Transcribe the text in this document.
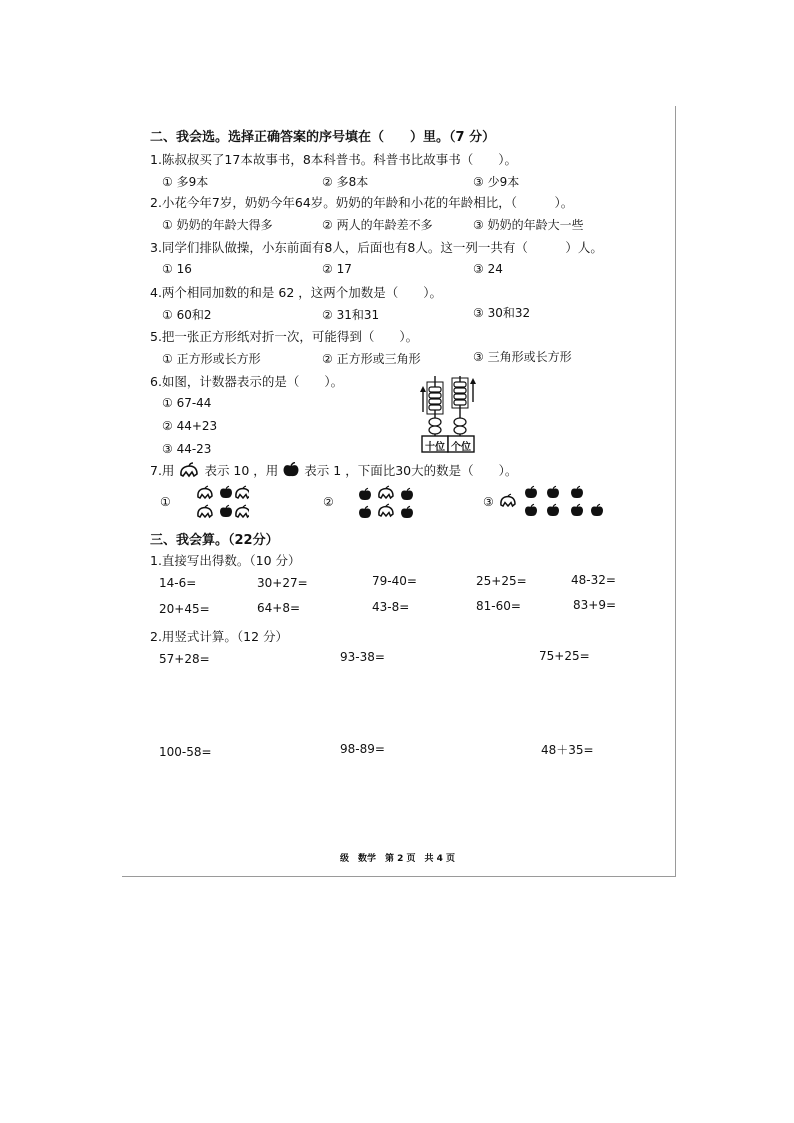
二、我会选。选择正确答案的序号填在（　　）里。（7 分）
1.陈叔叔买了17本故事书，8本科普书。科普书比故事书（　　）。
① 多9本	② 多8本	③ 少9本
2.小花今年7岁，奶奶今年64岁。奶奶的年龄和小花的年龄相比，（　　　）。
① 奶奶的年龄大得多	② 两人的年龄差不多	③ 奶奶的年龄大一些
3.同学们排队做操，小东前面有8人，后面也有8人。这一列一共有（　　　）人。
① 16	② 17	③ 24
4.两个相同加数的和是 62 ，这两个加数是（　　）。
① 60和2	② 31和31	③ 30和32
5.把一张正方形纸对折一次，可能得到（　　）。
① 正方形或长方形	② 正方形或三角形	③ 三角形或长方形
6.如图，计数器表示的是（　　）。
① 67-44
② 44+23
③ 44-23	十位 个位
7.用 表示 10 ，用 表示 1 ，下面比30大的数是（　　）。
①	②	③
三、我会算。（22分）
1.直接写出得数。（10 分）
14-6=	30+27=	79-40=	25+25=	48-32=
20+45=	64+8=	43-8=	81-60=	83+9=
2.用竖式计算。（12 分）
57+28=	93-38=	75+25=
100-58=	98-89=	48＋35=
级　数学　第 2 页　共 4 页
